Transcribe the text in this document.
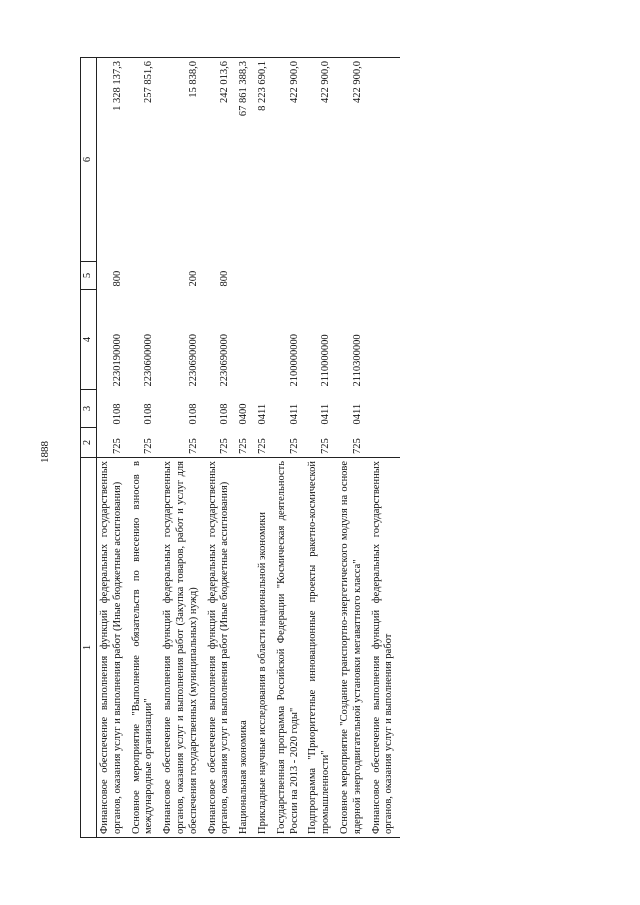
1888
1	2	3	4	5	6

Финансовое обеспечение выполнения функций федеральных государственных органов, оказания услуг и выполнения работ (Иные бюджетные ассигнования)	725	0108	2230190000	800	1 328 137,3

Основное мероприятие "Выполнение обязательств по внесению взносов в международные организации"	725	0108	2230600000		257 851,6

Финансовое обеспечение выполнения функций федеральных государственных органов, оказания услуг и выполнения работ (Закупка товаров, работ и услуг для обеспечения государственных (муниципальных) нужд)	725	0108	2230690000	200	15 838,0

Финансовое обеспечение выполнения функций федеральных государственных органов, оказания услуг и выполнения работ (Иные бюджетные ассигнования)	725	0108	2230690000	800	242 013,6

Национальная экономика	725	0400			67 861 388,3

Прикладные научные исследования в области национальной экономики	725	0411			8 223 690,1

Государственная программа Российской Федерации "Космическая деятельность России на 2013 - 2020 годы"	725	0411	2100000000		422 900,0

Подпрограмма "Приоритетные инновационные проекты ракетно-космической промышленности"	725	0411	2110000000		422 900,0

Основное мероприятие "Создание транспортно-энергетического модуля на основе ядерной энергодвигательной установки мегаваттного класса"	725	0411	2110300000		422 900,0

Финансовое обеспечение выполнения функций федеральных государственных органов, оказания услуг и выполнения работ					
